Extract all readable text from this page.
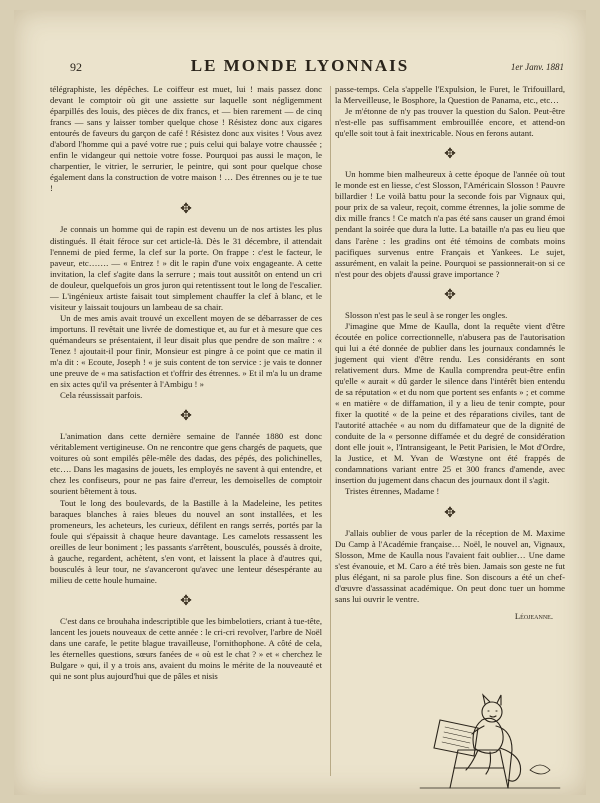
92	LE MONDE LYONNAIS	1er Janv. 1881

télégraphiste, les dépêches. Le coiffeur est muet, lui ! mais passez donc devant le comptoir où git une assiette sur laquelle sont négligemment éparpillés des louis, des pièces de dix francs, et — bien rarement — de cinq francs — sans y laisser tomber quelque chose ! Résistez donc aux cigares entourés de faveurs du garçon de café ! Résistez donc aux visites ! Vous avez d'abord l'homme qui a pavé votre rue ; puis celui qui balaye votre chaussée ; enfin le vidangeur qui nettoie votre fosse. Pourquoi pas aussi le maçon, le charpentier, le vitrier, le serrurier, le peintre, qui sont pour quelque chose également dans la construction de votre maison ! … Des étrennes ou je te tue !

✥

Je connais un homme qui de rapin est devenu un de nos artistes les plus distingués. Il était féroce sur cet article-là. Dès le 31 décembre, il attendait l'ennemi de pied ferme, la clef sur la porte. On frappe : c'est le facteur, le paveur, etc……. — « Entrez ! » dit le rapin d'une voix engageante. A cette invitation, la clef s'agite dans la serrure ; mais tout aussitôt on entend un cri de douleur, quelquefois un gros juron qui retentissent tout le long de l'escalier. — L'ingénieux artiste faisait tout simplement chauffer la clef à blanc, et le visiteur y laissait toujours un lambeau de sa chair.

Un de mes amis avait trouvé un excellent moyen de se débarrasser de ces importuns. Il revêtait une livrée de domestique et, au fur et à mesure que ces quémandeurs se présentaient, il leur disait plus que pendre de son maître : « Tenez ! ajoutait-il pour finir, Monsieur est pingre à ce point que ce matin il m'a dit : « Ecoute, Joseph ! « je suis content de ton service : je vais te donner une preuve de « ma satisfaction et t'offrir des étrennes. » Et il m'a lu un drame en six actes qu'il va présenter à l'Ambigu ! »

Cela réussissait parfois.

✥

L'animation dans cette dernière semaine de l'année 1880 est donc véritablement vertigineuse. On ne rencontre que gens chargés de paquets, que voitures où sont empilés pêle-mêle des dadas, des pépés, des polichinelles, etc…. Dans les magasins de jouets, les employés ne savent à qui entendre, et chez les confiseurs, pour ne pas faire d'erreur, les demoiselles de comptoir sourient bêtement à tous.

Tout le long des boulevards, de la Bastille à la Madeleine, les petites baraques blanches à raies bleues du nouvel an sont installées, et les promeneurs, les acheteurs, les curieux, défilent en rangs serrés, portés par la foule qui s'épaissit à chaque heure davantage. Les camelots ressassent les oreilles de leur boniment ; les passants s'arrêtent, bousculés, poussés à droite, à gauche, regardent, achètent, s'en vont, et laissent la place à d'autres qui, bousculés à leur tour, ne s'avanceront qu'avec une lenteur désespérante au milieu de cette houle humaine.

✥

C'est dans ce brouhaha indescriptible que les bimbelotiers, criant à tue-tête, lancent les jouets nouveaux de cette année : le cri-cri revolver, l'arbre de Noël dans une carafe, le petite blague travailleuse, l'ornithophone. A côté de cela, les éternelles questions, sœurs fanées de « où est le chat ? » et « cherchez le Bulgare » qui, il y a trois ans, avaient du moins le mérite de la nouveauté et qui ne sont plus aujourd'hui que de pâles et nisis

passe-temps. Cela s'appelle l'Expulsion, le Furet, le Trifouillard, la Merveilleuse, le Bosphore, la Question de Panama, etc., etc…

Je m'étonne de n'y pas trouver la question du Salon. Peut-être n'est-elle pas suffisamment embrouillée encore, et attend-on qu'elle soit tout à fait inextricable. Nous en ferons autant.

✥

Un homme bien malheureux à cette époque de l'année où tout le monde est en liesse, c'est Slosson, l'Américain Slosson ! Pauvre billardier ! Le voilà battu pour la seconde fois par Vignaux qui, pour prix de sa valeur, reçoit, comme étrennes, la jolie somme de dix mille francs ! Ce match n'a pas été sans causer un grand émoi pendant la soirée que dura la lutte. La bataille n'a pas eu lieu que dans l'arène : les gradins ont été témoins de combats moins pacifiques survenus entre Français et Yankees. Le sujet, assurément, en valait la peine. Pourquoi se passionnerait-on si ce n'est pour des objets d'aussi grave importance ?

✥

Slosson n'est pas le seul à se ronger les ongles.

J'imagine que Mme de Kaulla, dont la requête vient d'être écoutée en police correctionnelle, n'abusera pas de l'autorisation qui lui a été donnée de publier dans les journaux condamnés le jugement qui vient d'être rendu. Les considérants en sont relativement durs. Mme de Kaulla comprendra peut-être enfin qu'elle « aurait « dû garder le silence dans l'intérêt bien entendu de sa réputation « et du nom que portent ses enfants » ; et comme « en matière « de diffamation, il y a lieu de tenir compte, pour fixer la quotité « de la peine et des réparations civiles, tant de l'autorité attachée « au nom du diffamateur que de la dignité de conduite de la « personne diffamée et du degré de considération dont elle jouit », l'Intransigeant, le Petit Parisien, le Mot d'Ordre, la Justice, et M. Yvan de Wœstyne ont été frappés de condamnations variant entre 25 et 300 francs d'amende, avec insertion du jugement dans chacun des journaux dont il s'agit.

Tristes étrennes, Madame !

✥

J'allais oublier de vous parler de la réception de M. Maxime Du Camp à l'Académie française… Noël, le nouvel an, Vignaux, Slosson, Mme de Kaulla nous l'avaient fait oublier… Une dame s'est évanouie, et M. Caro a été très bien. Jamais son geste ne fut plus élégant, ni sa parole plus fine. Son discours a été un chef-d'œuvre d'assassinat académique. On peut donc tuer un homme sans lui ouvrir le ventre.

Léojeanne.
